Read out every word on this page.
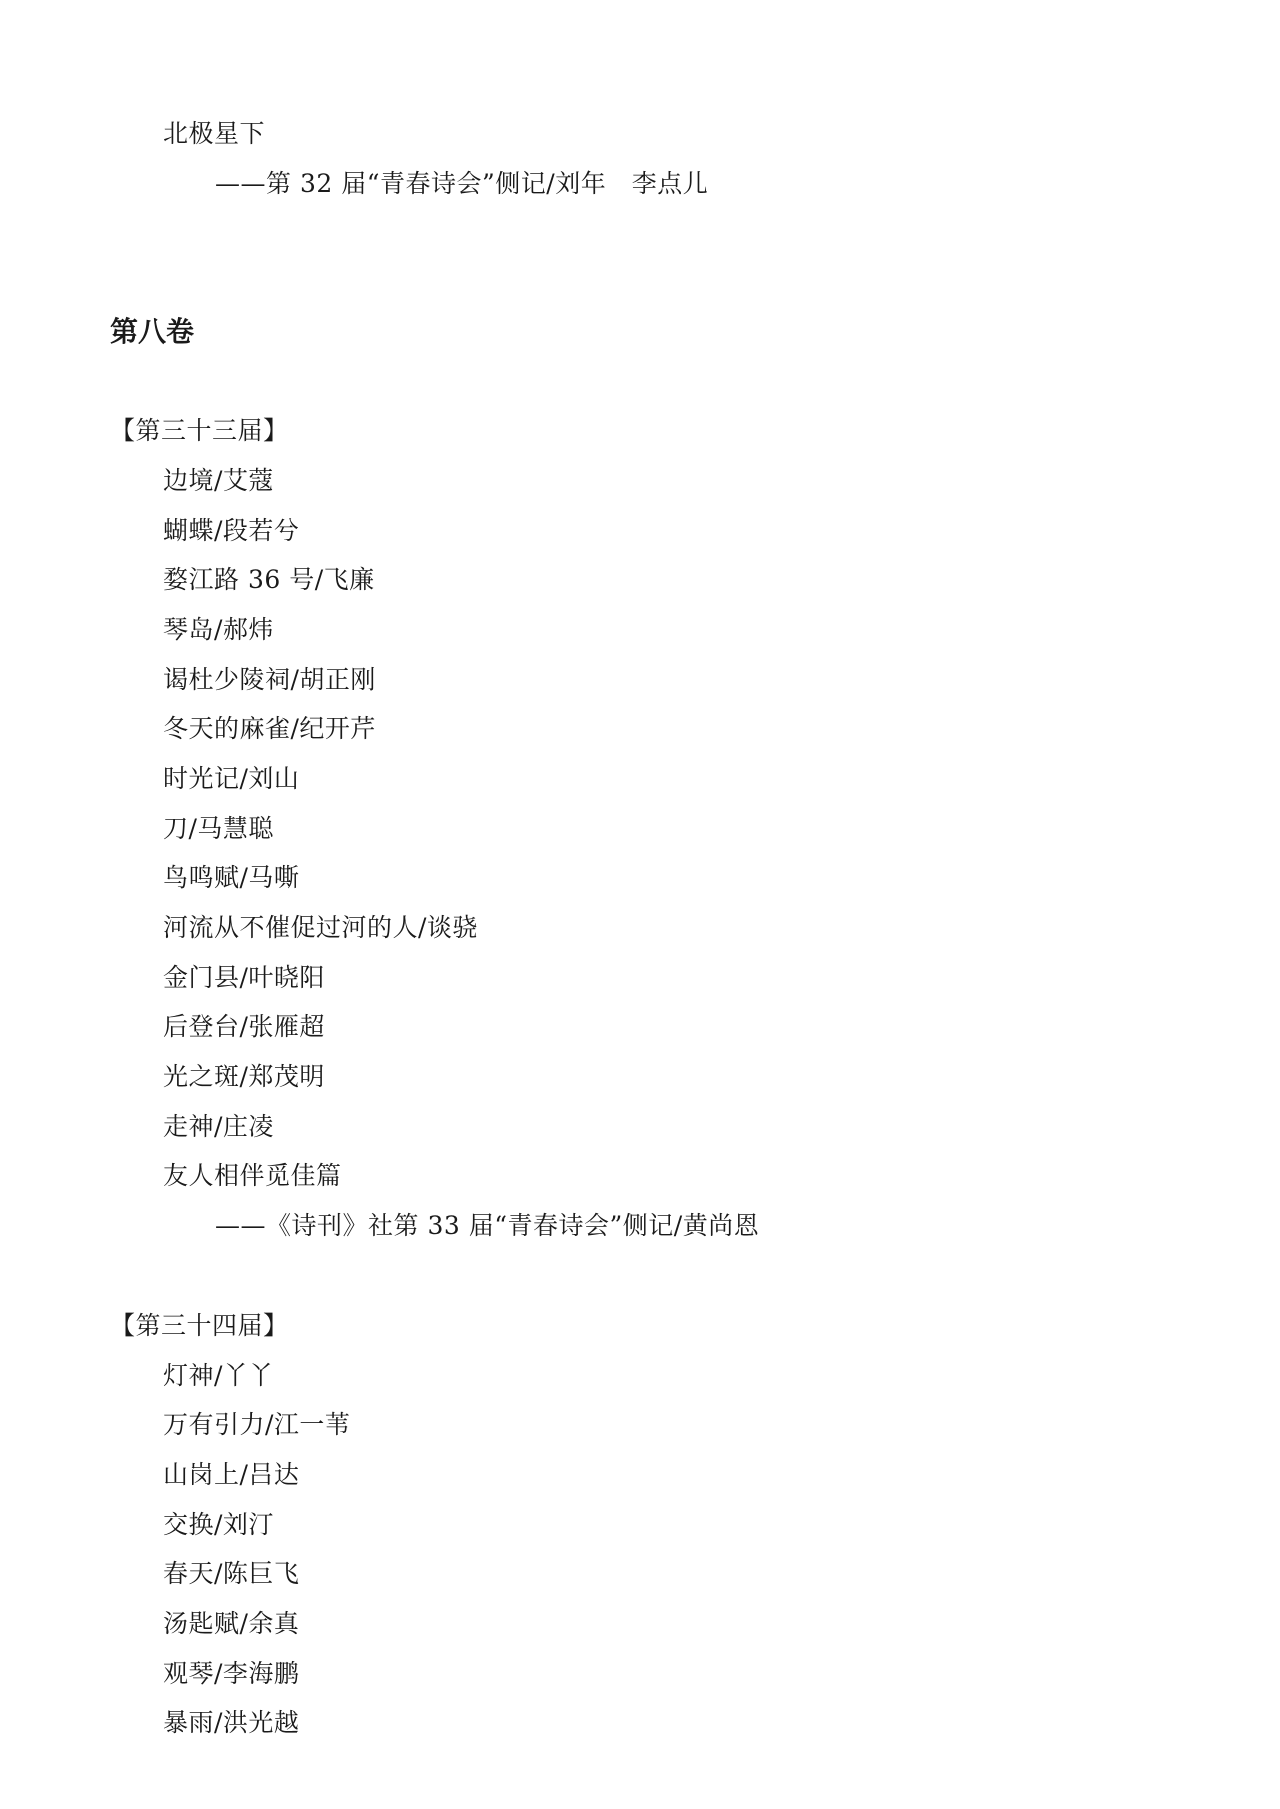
北极星下
——第 32 届“青春诗会”侧记/刘年　李点儿
第八卷
【第三十三届】
边境/艾蔻
蝴蝶/段若兮
婺江路 36 号/飞廉
琴岛/郝炜
谒杜少陵祠/胡正刚
冬天的麻雀/纪开芹
时光记/刘山
刀/马慧聪
鸟鸣赋/马嘶
河流从不催促过河的人/谈骁
金门县/叶晓阳
后登台/张雁超
光之斑/郑茂明
走神/庄凌
友人相伴觅佳篇
——《诗刊》社第 33 届“青春诗会”侧记/黄尚恩
【第三十四届】
灯神/丫丫
万有引力/江一苇
山岗上/吕达
交换/刘汀
春天/陈巨飞
汤匙赋/余真
观琴/李海鹏
暴雨/洪光越
